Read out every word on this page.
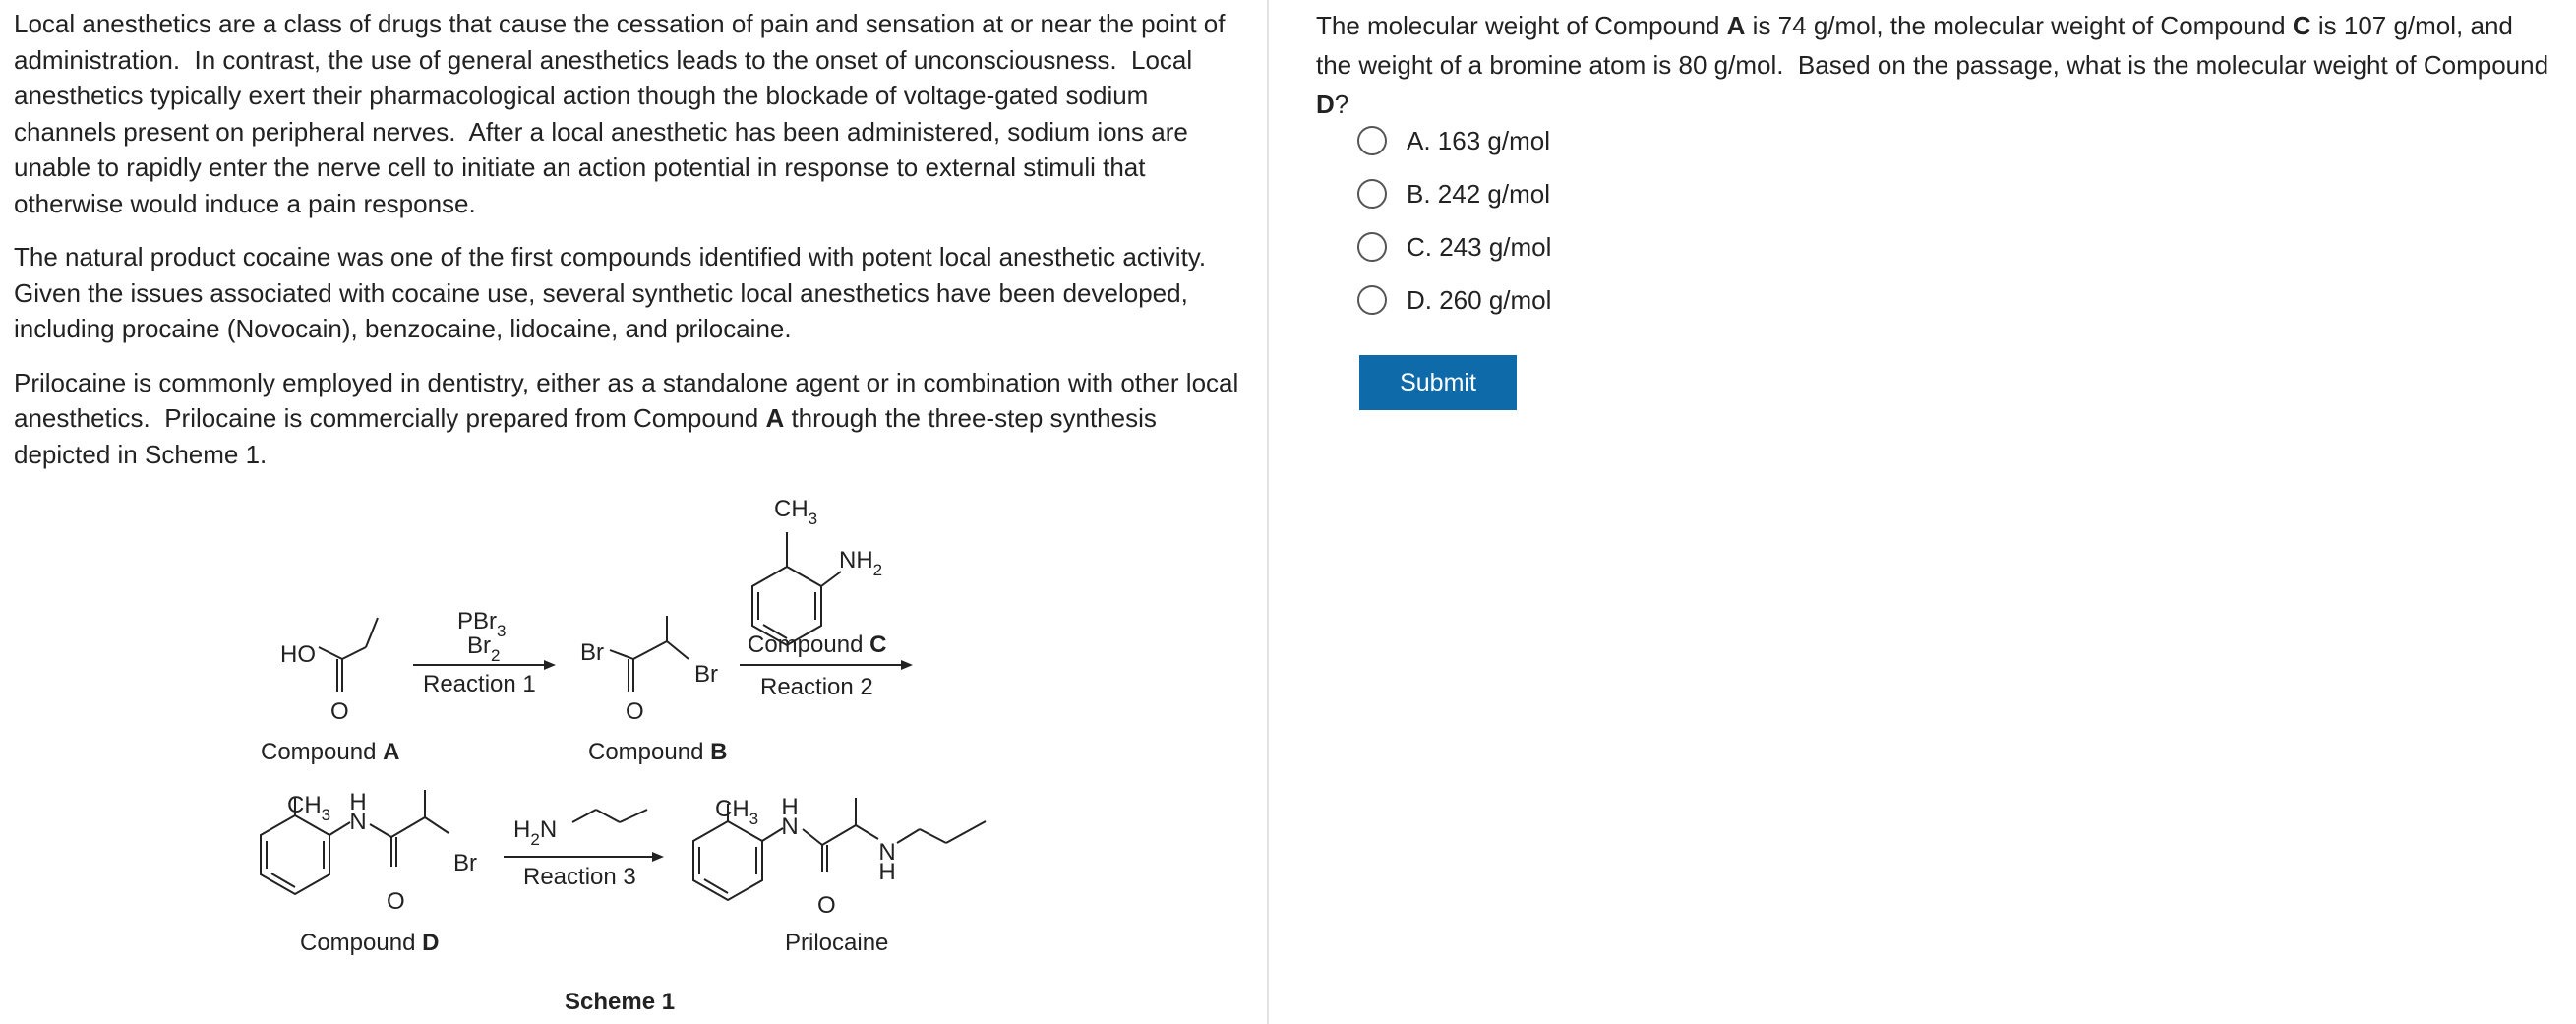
Local anesthetics are a class of drugs that cause the cessation of pain and sensation at or near the point of administration.  In contrast, the use of general anesthetics leads to the onset of unconsciousness.  Local anesthetics typically exert their pharmacological action though the blockade of voltage-gated sodium channels present on peripheral nerves.  After a local anesthetic has been administered, sodium ions are unable to rapidly enter the nerve cell to initiate an action potential in response to external stimuli that otherwise would induce a pain response.

The natural product cocaine was one of the first compounds identified with potent local anesthetic activity.  Given the issues associated with cocaine use, several synthetic local anesthetics have been developed, including procaine (Novocain), benzocaine, lidocaine, and prilocaine.

Prilocaine is commonly employed in dentistry, either as a standalone agent or in combination with other local anesthetics.  Prilocaine is commercially prepared from Compound A through the three-step synthesis depicted in Scheme 1.

HO
O
Compound A
PBr$_3$
$Br_2$
Reaction 1
Br
Br
O
Compound B
$CH_3$
$NH_2$
Compound C
Reaction 2
$CH_3$ N
H
O
Br
Compound D
$H_2N$
Reaction 3
$CH_3$ N
H
O
N
H
Prilocaine
Scheme 1
The molecular weight of Compound A is 74 g/mol, the molecular weight of Compound C is 107 g/mol, and the weight of a bromine atom is 80 g/mol.  Based on the passage, what is the molecular weight of Compound D?
A. 163 g/mol
B. 242 g/mol
C. 243 g/mol
D. 260 g/mol
Submit
